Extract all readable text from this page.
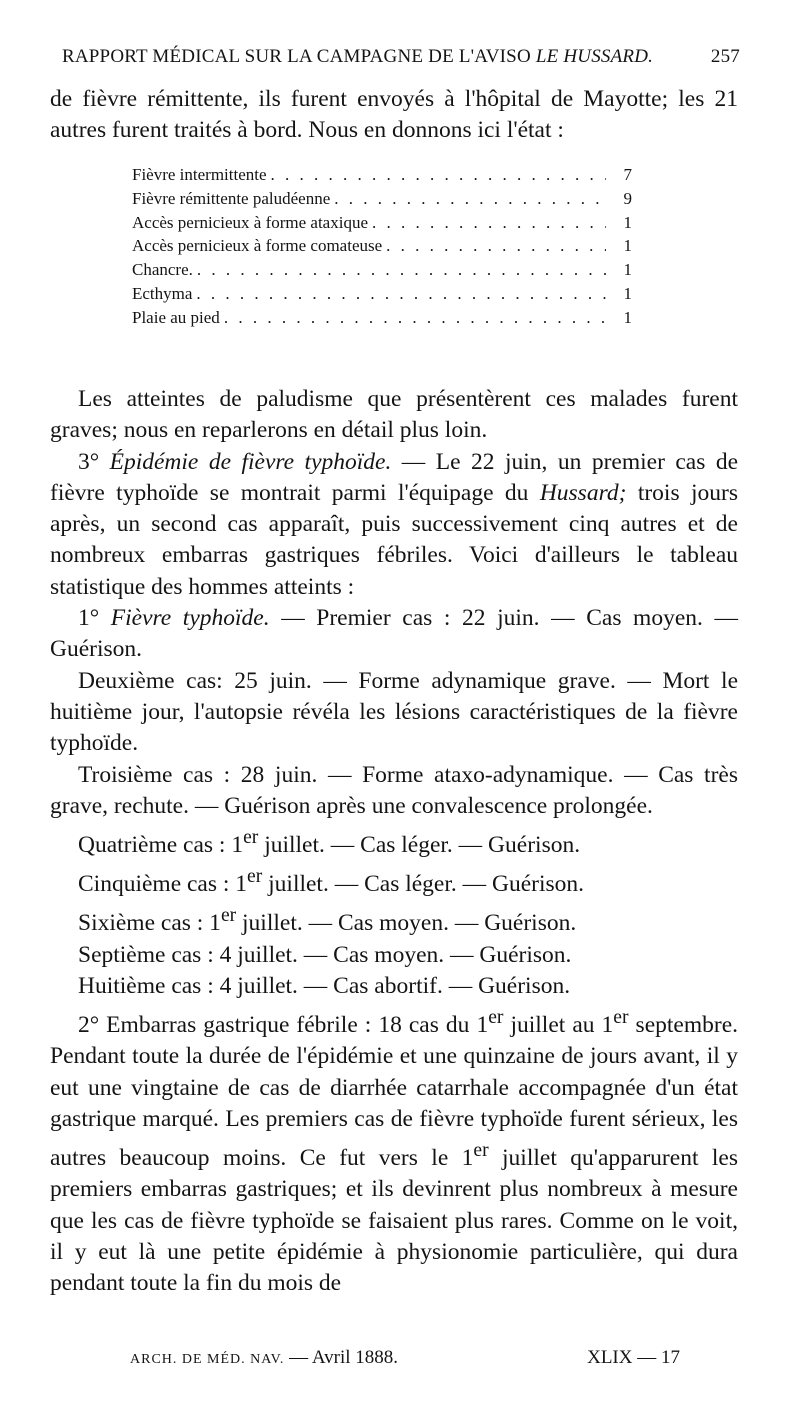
RAPPORT MÉDICAL SUR LA CAMPAGNE DE L'AVISO LE HUSSARD.	257

de fièvre rémittente, ils furent envoyés à l'hôpital de Mayotte; les 21 autres furent traités à bord. Nous en donnons ici l'état :

Fièvre intermittente . . .	7
Fièvre rémittente paludéenne . . .	9
Accès pernicieux à forme ataxique . . .	1
Accès pernicieux à forme comateuse . . .	1
Chancre. . . .	1
Ecthyma . . .	1
Plaie au pied . . .	1

Les atteintes de paludisme que présentèrent ces malades furent graves; nous en reparlerons en détail plus loin.

3° Épidémie de fièvre typhoïde. — Le 22 juin, un premier cas de fièvre typhoïde se montrait parmi l'équipage du Hussard; trois jours après, un second cas apparaît, puis successivement cinq autres et de nombreux embarras gastriques fébriles. Voici d'ailleurs le tableau statistique des hommes atteints :

1° Fièvre typhoïde. — Premier cas : 22 juin. — Cas moyen. — Guérison.

Deuxième cas: 25 juin. — Forme adynamique grave. — Mort le huitième jour, l'autopsie révéla les lésions caractéristiques de la fièvre typhoïde.

Troisième cas : 28 juin. — Forme ataxo-adynamique. — Cas très grave, rechute. — Guérison après une convalescence prolongée.

Quatrième cas : 1er juillet. — Cas léger. — Guérison.

Cinquième cas : 1er juillet. — Cas léger. — Guérison.

Sixième cas : 1er juillet. — Cas moyen. — Guérison.

Septième cas : 4 juillet. — Cas moyen. — Guérison.

Huitième cas : 4 juillet. — Cas abortif. — Guérison.

2° Embarras gastrique fébrile : 18 cas du 1er juillet au 1er septembre. Pendant toute la durée de l'épidémie et une quinzaine de jours avant, il y eut une vingtaine de cas de diarrhée catarrhale accompagnée d'un état gastrique marqué. Les premiers cas de fièvre typhoïde furent sérieux, les autres beaucoup moins. Ce fut vers le 1er juillet qu'apparurent les premiers embarras gastriques; et ils devinrent plus nombreux à mesure que les cas de fièvre typhoïde se faisaient plus rares. Comme on le voit, il y eut là une petite épidémie à physionomie particulière, qui dura pendant toute la fin du mois de

ARCH. DE MÉD. NAV. — Avril 1888.	XLIX — 17
